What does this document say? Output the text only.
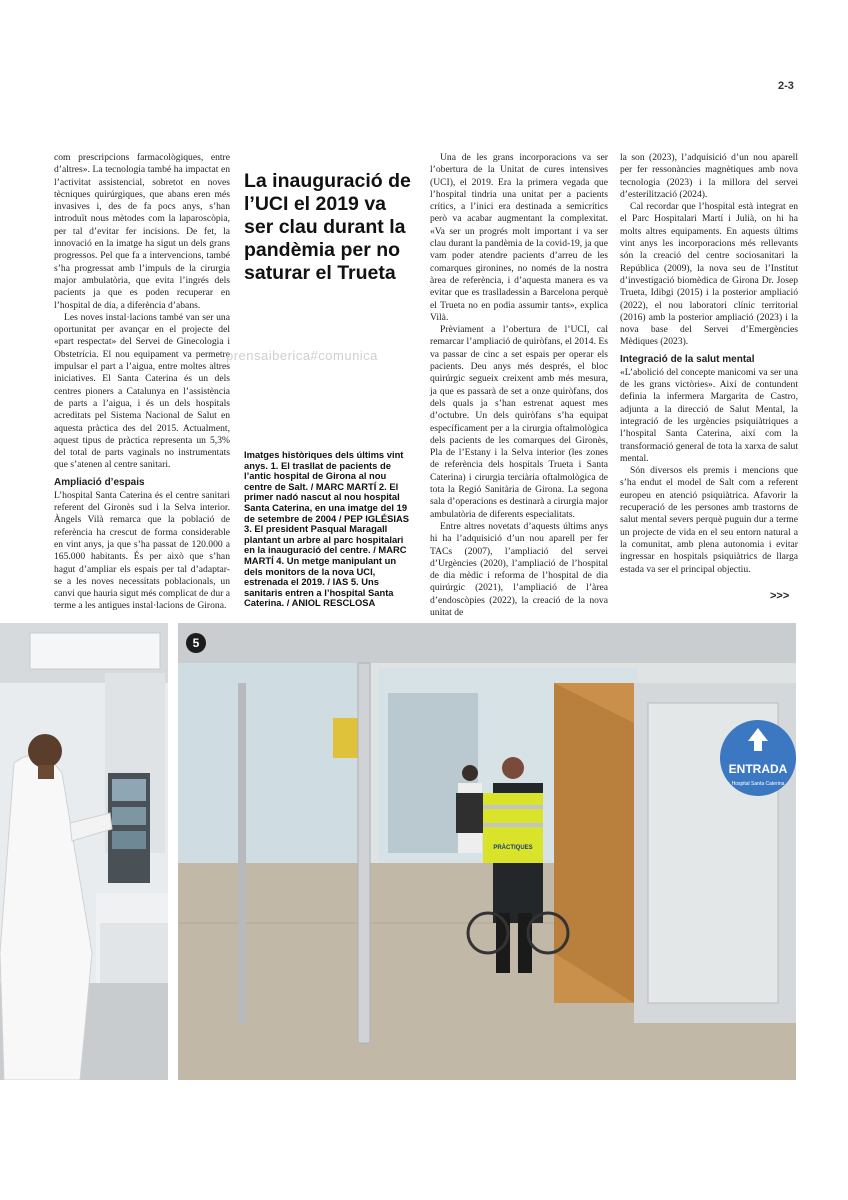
2-3

com prescripcions farmacològiques, entre d’altres». La tecnologia també ha impactat en l’activitat assistencial, sobretot en noves tècniques quirúrgiques, que abans eren més invasives i, des de fa pocs anys, s’han introduït nous mètodes com la laparoscòpia, per tal d’evitar fer incisions. De fet, la innovació en la imatge ha sigut un dels grans progressos. Pel que fa a intervencions, també s’ha progressat amb l’impuls de la cirurgia major ambulatòria, que evita l’ingrés dels pacients ja que es poden recuperar en l’hospital de dia, a diferència d’abans.

Les noves instal·lacions també van ser una oportunitat per avançar en el projecte del «part respectat» del Servei de Ginecologia i Obstetrícia. El nou equipament va permetre impulsar el part a l’aigua, entre moltes altres iniciatives. El Santa Caterina és un dels centres pioners a Catalunya en l’assistència de parts a l’aigua, i és un dels hospitals acreditats pel Sistema Nacional de Salut en aquesta pràctica des del 2015. Actualment, aquest tipus de pràctica representa un 5,3% del total de parts vaginals no instrumentats que s’atenen al centre sanitari.

Ampliació d’espais

L’hospital Santa Caterina és el centre sanitari referent del Gironès sud i la Selva interior. Àngels Vilà remarca que la població de referència ha crescut de forma considerable en vint anys, ja que s’ha passat de 120.000 a 165.000 habitants. És per això que s’han hagut d’ampliar els espais per tal d’adaptar-se a les noves necessitats poblacionals, un canvi que hauria sigut més complicat de dur a terme a les antigues instal·lacions de Girona.

La inauguració de l’UCI el 2019 va ser clau durant la pandèmia per no saturar el Trueta
prensaiberica#comunica

Imatges històriques dels últims vint anys. 1. El trasllat de pacients de l’antic hospital de Girona al nou centre de Salt. / MARC MARTÍ 2. El primer nadó nascut al nou hospital Santa Caterina, en una imatge del 19 de setembre de 2004 / PEP IGLÉSIAS 3. El president Pasqual Maragall plantant un arbre al parc hospitalari en la inauguració del centre. / MARC MARTÍ 4. Un metge manipulant un dels monitors de la nova UCI, estrenada el 2019. / IAS 5. Uns sanitaris entren a l’hospital Santa Caterina. / ANIOL RESCLOSA

Una de les grans incorporacions va ser l’obertura de la Unitat de cures intensives (UCI), el 2019. Era la primera vegada que l’hospital tindria una unitat per a pacients crítics, a l’inici era destinada a semicrítics però va acabar augmentant la complexitat. «Va ser un progrés molt important i va ser clau durant la pandèmia de la covid-19, ja que vam poder atendre pacients d’arreu de les comarques gironines, no només de la nostra àrea de referència, i d’aquesta manera es va evitar que es traslladessin a Barcelona perquè el Trueta no en podia assumir tants», explica Vilà.

Prèviament a l’obertura de l’UCI, cal remarcar l’ampliació de quiròfans, el 2014. Es va passar de cinc a set espais per operar els pacients. Deu anys més després, el bloc quirúrgic segueix creixent amb més mesura, ja que es passarà de set a onze quiròfans, dos dels quals ja s’han estrenat aquest mes d’octubre. Un dels quiròfans s’ha equipat específicament per a la cirurgia oftalmològica dels pacients de les comarques del Gironès, Pla de l’Estany i la Selva interior (les zones de referència dels hospitals Trueta i Santa Caterina) i cirurgia terciària oftalmològica de tota la Regió Sanitària de Girona. La segona sala d’operacions es destinarà a cirurgia major ambulatòria de diferents especialitats.

Entre altres novetats d’aquests últims anys hi ha l’adquisició d’un nou aparell per fer TACs (2007), l’ampliació del servei d’Urgències (2020), l’ampliació de l’hospital de dia mèdic i reforma de l’hospital de dia quirúrgic (2021), l’ampliació de l’àrea d’endoscòpies (2022), la creació de la nova unitat de

la son (2023), l’adquisició d’un nou aparell per fer ressonàncies magnètiques amb nova tecnologia (2023) i la millora del servei d’esterilització (2024).

Cal recordar que l’hospital està integrat en el Parc Hospitalari Martí i Julià, on hi ha molts altres equipaments. En aquests últims vint anys les incorporacions més rellevants són la creació del centre sociosanitari la República (2009), la nova seu de l’Institut d’investigació biomèdica de Girona Dr. Josep Trueta, Idibgi (2015) i la posterior ampliació (2022), el nou laboratori clínic territorial (2016) amb la posterior ampliació (2023) i la nova base del Servei d’Emergències Mèdiques (2023).

Integració de la salut mental

«L’abolició del concepte manicomi va ser una de les grans victòries». Així de contundent definia la infermera Margarita de Castro, adjunta a la direcció de Salut Mental, la integració de les urgències psiquiàtriques a l’hospital Santa Caterina, així com la transformació general de tota la xarxa de salut mental.

Són diversos els premis i mencions que s’ha endut el model de Salt com a referent europeu en atenció psiquiàtrica. Afavorir la recuperació de les persones amb trastorns de salut mental severs perquè puguin dur a terme un projecte de vida en el seu entorn natural a la comunitat, amb plena autonomia i evitar ingressar en hospitals psiquiàtrics de llarga estada va ser el principal objectiu.

>>>
ENTRADA
Hospital Santa Caterina
PRÀCTIQUES
5
